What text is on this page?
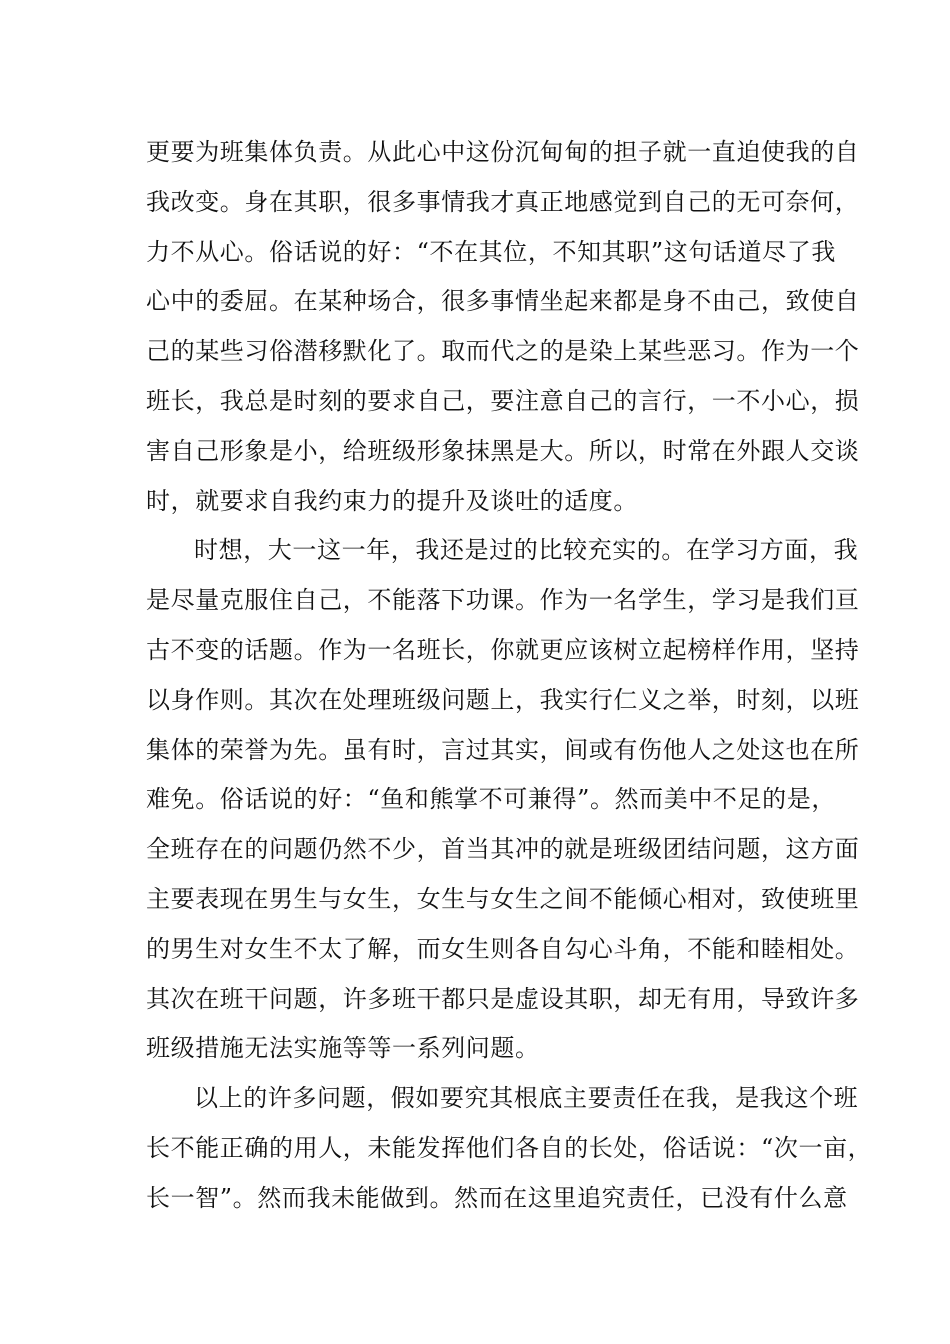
更要为班集体负责。从此心中这份沉甸甸的担子就一直迫使我的自
我改变。身在其职，很多事情我才真正地感觉到自己的无可奈何，
力不从心。俗话说的好：“不在其位，不知其职”这句话道尽了我
心中的委屈。在某种场合，很多事情坐起来都是身不由己，致使自
己的某些习俗潜移默化了。取而代之的是染上某些恶习。作为一个
班长，我总是时刻的要求自己，要注意自己的言行，一不小心，损
害自己形象是小，给班级形象抹黑是大。所以，时常在外跟人交谈
时，就要求自我约束力的提升及谈吐的适度。
时想，大一这一年，我还是过的比较充实的。在学习方面，我
是尽量克服住自己，不能落下功课。作为一名学生，学习是我们亘
古不变的话题。作为一名班长，你就更应该树立起榜样作用，坚持
以身作则。其次在处理班级问题上，我实行仁义之举，时刻，以班
集体的荣誉为先。虽有时，言过其实，间或有伤他人之处这也在所
难免。俗话说的好：“鱼和熊掌不可兼得”。然而美中不足的是，
全班存在的问题仍然不少，首当其冲的就是班级团结问题，这方面
主要表现在男生与女生，女生与女生之间不能倾心相对，致使班里
的男生对女生不太了解，而女生则各自勾心斗角，不能和睦相处。
其次在班干问题，许多班干都只是虚设其职，却无有用，导致许多
班级措施无法实施等等一系列问题。
以上的许多问题，假如要究其根底主要责任在我，是我这个班
长不能正确的用人，未能发挥他们各自的长处，俗话说：“次一亩，
长一智”。然而我未能做到。然而在这里追究责任，已没有什么意
